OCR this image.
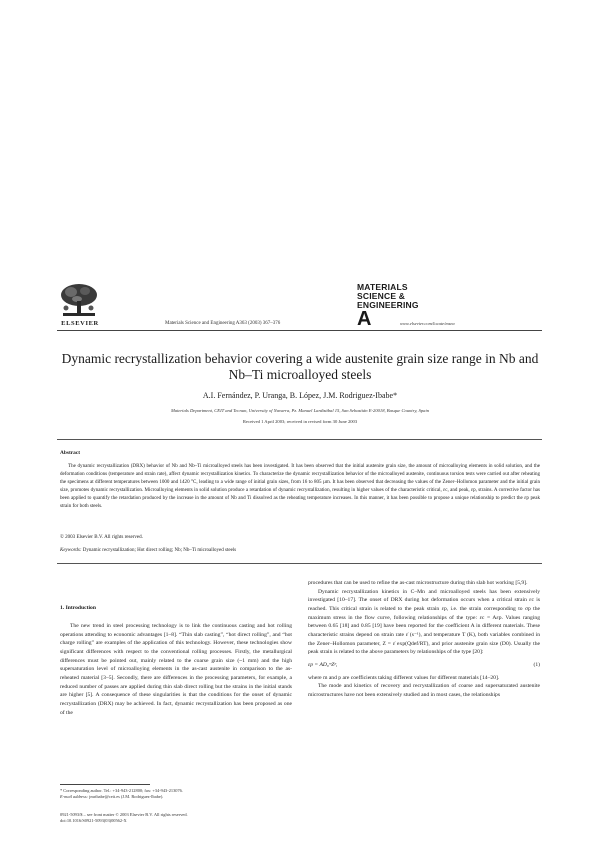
ELSEVIER	Materials Science and Engineering A363 (2003) 367–376
MATERIALS
SCIENCE &
ENGINEERING
A	www.elsevier.com/locate/msea
Dynamic recrystallization behavior covering a wide austenite grain size range in Nb and Nb–Ti microalloyed steels
A.I. Fernández, P. Uranga, B. López, J.M. Rodriguez-Ibabe*
Materials Department, CEIT and Tecnun, University of Navarra, Pz. Manuel Lardizábal 15, San Sebastián E-20018, Basque Country, Spain
Received 1 April 2003; received in revised form 30 June 2003
Abstract
The dynamic recrystallization (DRX) behavior of Nb and Nb–Ti microalloyed steels has been investigated. It has been observed that the initial austenite grain size, the amount of microalloying elements in solid solution, and the deformation conditions (temperature and strain rate), affect dynamic recrystallization kinetics. To characterize the dynamic recrystallization behavior of the microalloyed austenite, continuous torsion tests were carried out after reheating the specimens at different temperatures between 1000 and 1420 °C, leading to a wide range of initial grain sizes, from 16 to 805 µm. It has been observed that decreasing the values of the Zener–Hollomon parameter and the initial grain size, promotes dynamic recrystallization. Microalloying elements in solid solution produce a retardation of dynamic recrystallization, resulting in higher values of the characteristic critical, εc, and peak, εp, strains. A corrective factor has been applied to quantify the retardation produced by the increase in the amount of Nb and Ti dissolved as the reheating temperature increases. In this manner, it has been possible to propose a unique relationship to predict the εp peak strain for both steels.
© 2003 Elsevier B.V. All rights reserved.
Keywords: Dynamic recrystallization; Hot direct rolling; Nb; Nb–Ti microalloyed steels
1. Introduction

The new trend in steel processing technology is to link the continuous casting and hot rolling operations attending to economic advantages [1–8]. “Thin slab casting”, “hot direct rolling”, and “hot charge rolling” are examples of the application of this technology. However, these technologies show significant differences with respect to the conventional rolling processes. Firstly, the metallurgical differences must be pointed out, mainly related to the coarse grain size (~1 mm) and the high supersaturation level of microalloying elements in the as-cast austenite in comparison to the as-reheated material [3–5]. Secondly, there are differences in the processing parameters, for example, a reduced number of passes are applied during thin slab direct rolling but the strains in the initial stands are higher [5]. A consequence of these singularities is that the conditions for the onset of dynamic recrystallization (DRX) may be achieved. In fact, dynamic recrystallization has been proposed as one of the

procedures that can be used to refine the as-cast microstructure during thin slab hot working [5,9].

Dynamic recrystallization kinetics in C–Mn and microalloyed steels has been extensively investigated [10–17]. The onset of DRX during hot deformation occurs when a critical strain εc is reached. This critical strain is related to the peak strain εp, i.e. the strain corresponding to σp the maximum stress in the flow curve, following relationships of the type: εc = Aεp. Values ranging between 0.65 [18] and 0.85 [19] have been reported for the coefficient A in different materials. These characteristic strains depend on strain rate ε̇ (s⁻¹), and temperature T (K), both variables combined in the Zener–Hollomon parameter, Z = ε̇ exp(Qdef/RT), and prior austenite grain size (D0). Usually the peak strain is related to the above parameters by relationships of the type [20]:

εp = AD₀ᵐZᵖ,	(1)

where m and p are coefficients taking different values for different materials [14–20].

The mode and kinetics of recovery and recrystallization of coarse and supersaturated austenite microstructures have not been extensively studied and in most cases, the relationships

* Corresponding author. Tel.: +34-943-212800; fax: +34-943-213076.
E-mail address: jmribabe@ceit.es (J.M. Rodriguez-Ibabe).
0921-5093/$ – see front matter © 2003 Elsevier B.V. All rights reserved.
doi:10.1016/S0921-5093(03)00562-X
